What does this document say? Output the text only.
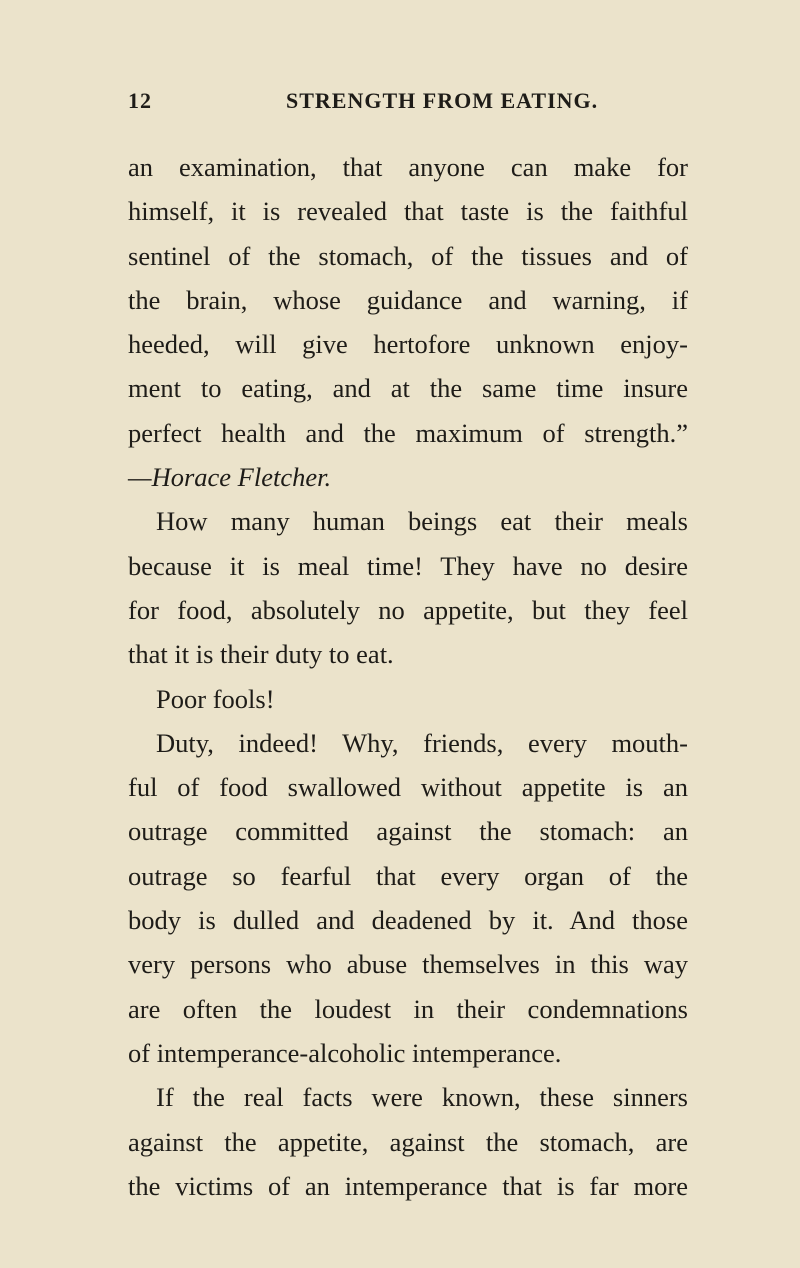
12	STRENGTH FROM EATING.
an examination, that anyone can make for
himself, it is revealed that taste is the faithful
sentinel of the stomach, of the tissues and of
the brain, whose guidance and warning, if
heeded, will give hertofore unknown enjoy-
ment to eating, and at the same time insure
perfect health and the maximum of strength.”
—Horace Fletcher.
How many human beings eat their meals
because it is meal time! They have no desire
for food, absolutely no appetite, but they feel
that it is their duty to eat.
Poor fools!
Duty, indeed! Why, friends, every mouth-
ful of food swallowed without appetite is an
outrage committed against the stomach: an
outrage so fearful that every organ of the
body is dulled and deadened by it. And those
very persons who abuse themselves in this way
are often the loudest in their condemnations
of intemperance-alcoholic intemperance.
If the real facts were known, these sinners
against the appetite, against the stomach, are
the victims of an intemperance that is far more
